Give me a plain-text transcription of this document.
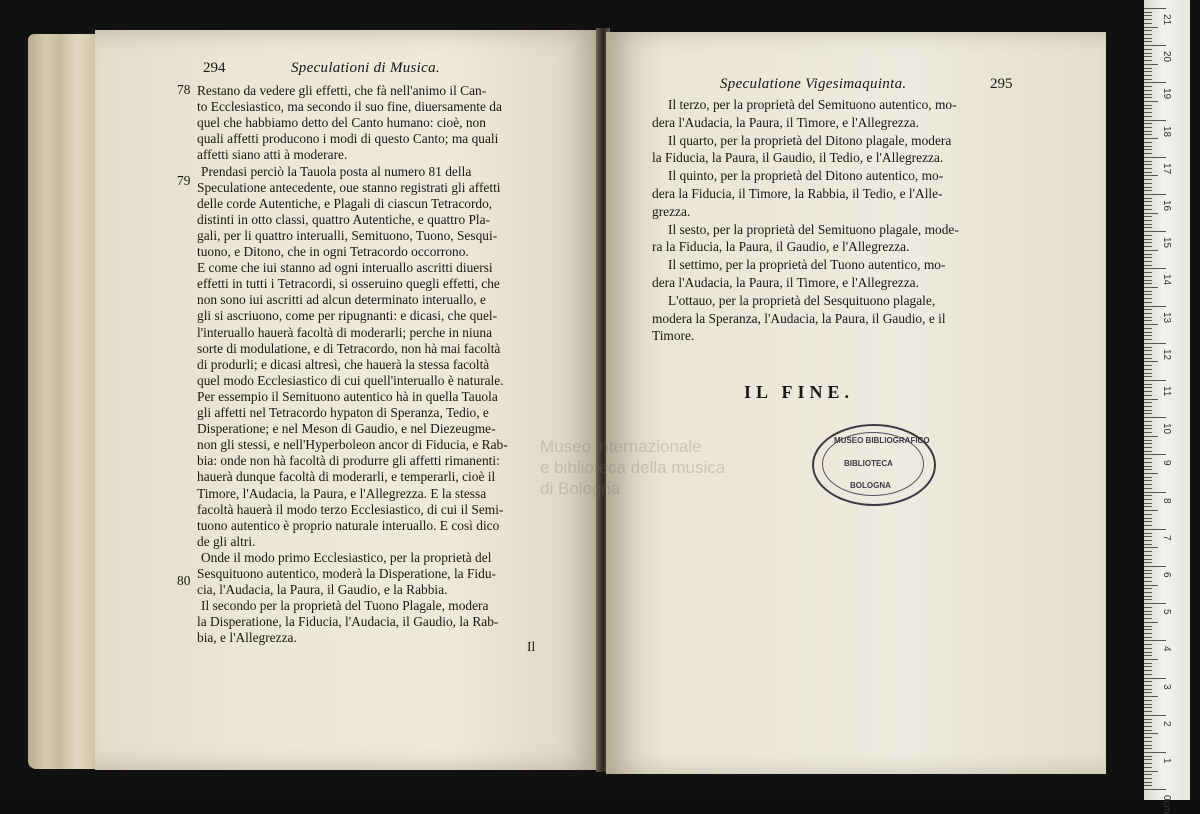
294	Speculationi di Musica.
78
79
80
Restano da vedere gli effetti, che fà nell'animo il Can-
to Ecclesiastico, ma secondo il suo fine, diuersamente da
quel che habbiamo detto del Canto humano: cioè, non
quali affetti producono i modi di questo Canto; ma quali
affetti siano atti à moderare.
Prendasi perciò la Tauola posta al numero 81 della
Speculatione antecedente, oue stanno registrati gli affetti
delle corde Autentiche, e Plagali di ciascun Tetracordo,
distinti in otto classi, quattro Autentiche, e quattro Pla-
gali, per li quattro interualli, Semituono, Tuono, Sesqui-
tuono, e Ditono, che in ogni Tetracordo occorrono.
E come che iui stanno ad ogni interuallo ascritti diuersi
effetti in tutti i Tetracordi, si osseruino quegli effetti, che
non sono iui ascritti ad alcun determinato interuallo, e
gli si ascriuono, come per ripugnanti: e dicasi, che quel-
l'interuallo hauerà facoltà di moderarli; perche in niuna
sorte di modulatione, e di Tetracordo, non hà mai facoltà
di produrli; e dicasi altresì, che hauerà la stessa facoltà
quel modo Ecclesiastico di cui quell'interuallo è naturale.
Per essempio il Semituono autentico hà in quella Tauola
gli affetti nel Tetracordo hypaton di Speranza, Tedio, e
Disperatione; e nel Meson di Gaudio, e nel Diezeugme-
non gli stessi, e nell'Hyperboleon ancor di Fiducia, e Rab-
bia: onde non hà facoltà di produrre gli affetti rimanenti:
hauerà dunque facoltà di moderarli, e temperarli, cioè il
Timore, l'Audacia, la Paura, e l'Allegrezza. E la stessa
facoltà hauerà il modo terzo Ecclesiastico, di cui il Semi-
tuono autentico è proprio naturale interuallo. E così dico
de gli altri.
Onde il modo primo Ecclesiastico, per la proprietà del
Sesquituono autentico, moderà la Disperatione, la Fidu-
cia, l'Audacia, la Paura, il Gaudio, e la Rabbia.
Il secondo per la proprietà del Tuono Plagale, modera
la Disperatione, la Fiducia, l'Audacia, il Gaudio, la Rab-
bia, e l'Allegrezza.
Il
Speculatione Vigesimaquinta.	295
Il terzo, per la proprietà del Semituono autentico, mo-
dera l'Audacia, la Paura, il Timore, e l'Allegrezza.
Il quarto, per la proprietà del Ditono plagale, modera
la Fiducia, la Paura, il Gaudio, il Tedio, e l'Allegrezza.
Il quinto, per la proprietà del Ditono autentico, mo-
dera la Fiducia, il Timore, la Rabbia, il Tedio, e l'Alle-
grezza.
Il sesto, per la proprietà del Semituono plagale, mode-
ra la Fiducia, la Paura, il Gaudio, e l'Allegrezza.
Il settimo, per la proprietà del Tuono autentico, mo-
dera l'Audacia, la Paura, il Timore, e l'Allegrezza.
L'ottauo, per la proprietà del Sesquituono plagale,
modera la Speranza, l'Audacia, la Paura, il Gaudio, e il
Timore.
IL FINE.
Museo internazionale
e biblioteca della musica
di Bologna
MUSEO BIBLIOGRAFICO
BIBLIOTECA
BOLOGNA
21
20
19
18
17
16
15
14
13
12
11
10
9
8
7
6
5
4
3
2
1
0cm
